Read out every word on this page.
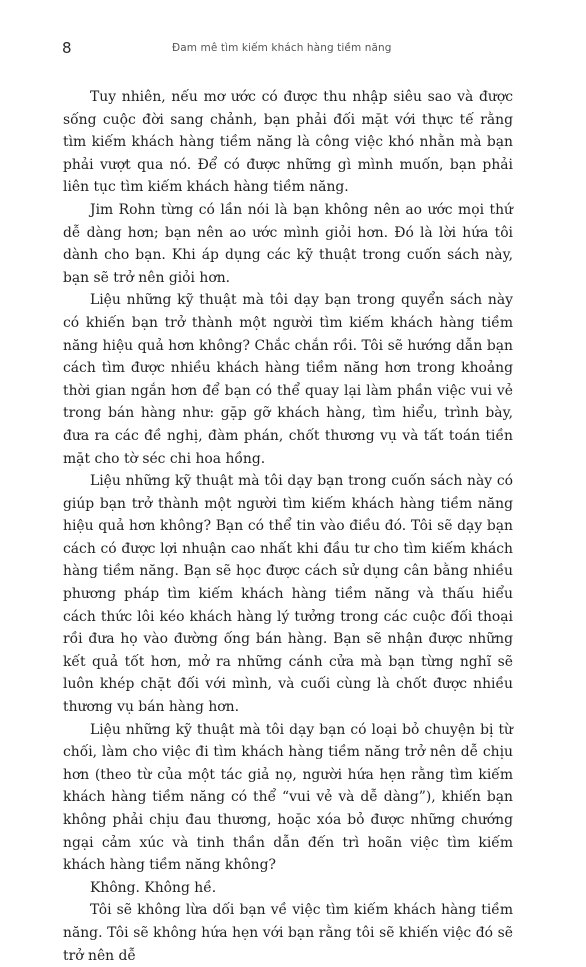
8	Đam mê tìm kiếm khách hàng tiềm năng

Tuy nhiên, nếu mơ ước có được thu nhập siêu sao và được sống cuộc đời sang chảnh, bạn phải đối mặt với thực tế rằng tìm kiếm khách hàng tiềm năng là công việc khó nhằn mà bạn phải vượt qua nó. Để có được những gì mình muốn, bạn phải liên tục tìm kiếm khách hàng tiềm năng.

Jim Rohn từng có lần nói là bạn không nên ao ước mọi thứ dễ dàng hơn; bạn nên ao ước mình giỏi hơn. Đó là lời hứa tôi dành cho bạn. Khi áp dụng các kỹ thuật trong cuốn sách này, bạn sẽ trở nên giỏi hơn.

Liệu những kỹ thuật mà tôi dạy bạn trong quyển sách này có khiến bạn trở thành một người tìm kiếm khách hàng tiềm năng hiệu quả hơn không? Chắc chắn rồi. Tôi sẽ hướng dẫn bạn cách tìm được nhiều khách hàng tiềm năng hơn trong khoảng thời gian ngắn hơn để bạn có thể quay lại làm phần việc vui vẻ trong bán hàng như: gặp gỡ khách hàng, tìm hiểu, trình bày, đưa ra các đề nghị, đàm phán, chốt thương vụ và tất toán tiền mặt cho tờ séc chi hoa hồng.

Liệu những kỹ thuật mà tôi dạy bạn trong cuốn sách này có giúp bạn trở thành một người tìm kiếm khách hàng tiềm năng hiệu quả hơn không? Bạn có thể tin vào điều đó. Tôi sẽ dạy bạn cách có được lợi nhuận cao nhất khi đầu tư cho tìm kiếm khách hàng tiềm năng. Bạn sẽ học được cách sử dụng cân bằng nhiều phương pháp tìm kiếm khách hàng tiềm năng và thấu hiểu cách thức lôi kéo khách hàng lý tưởng trong các cuộc đối thoại rồi đưa họ vào đường ống bán hàng. Bạn sẽ nhận được những kết quả tốt hơn, mở ra những cánh cửa mà bạn từng nghĩ sẽ luôn khép chặt đối với mình, và cuối cùng là chốt được nhiều thương vụ bán hàng hơn.

Liệu những kỹ thuật mà tôi dạy bạn có loại bỏ chuyện bị từ chối, làm cho việc đi tìm khách hàng tiềm năng trở nên dễ chịu hơn (theo từ của một tác giả nọ, người hứa hẹn rằng tìm kiếm khách hàng tiềm năng có thể “vui vẻ và dễ dàng”), khiến bạn không phải chịu đau thương, hoặc xóa bỏ được những chướng ngại cảm xúc và tinh thần dẫn đến trì hoãn việc tìm kiếm khách hàng tiềm năng không?

Không. Không hề.

Tôi sẽ không lừa dối bạn về việc tìm kiếm khách hàng tiềm năng. Tôi sẽ không hứa hẹn với bạn rằng tôi sẽ khiến việc đó sẽ trở nên dễ
